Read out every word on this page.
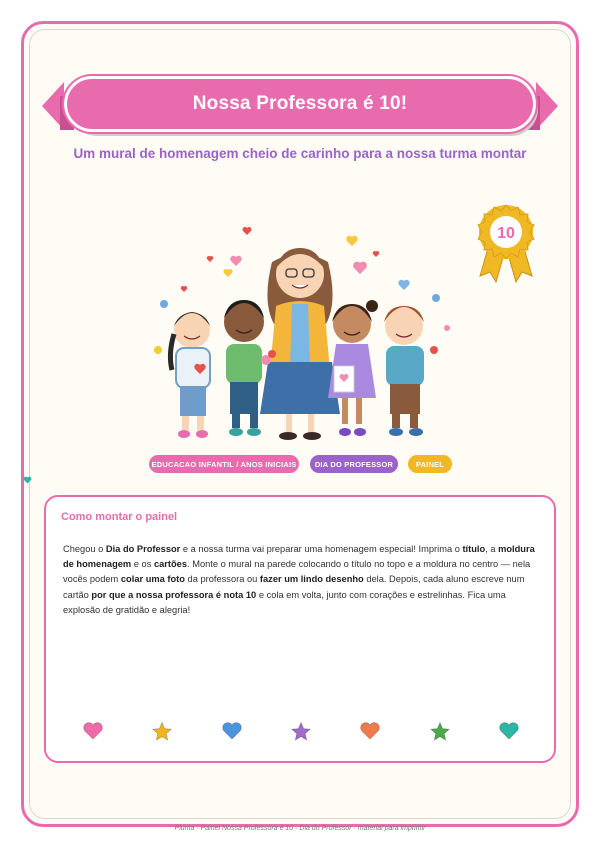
Nossa Professora é 10!
Um mural de homenagem cheio de carinho para a nossa turma montar
10
EDUCACAO INFANTIL / ANOS INICIAIS	DIA DO PROFESSOR	PAINEL
Como montar o painel

Chegou o Dia do Professor e a nossa turma vai preparar uma homenagem especial! Imprima o título, a moldura de homenagem e os cartões. Monte o mural na parede colocando o título no topo e a moldura no centro — nela vocês podem colar uma foto da professora ou fazer um lindo desenho dela. Depois, cada aluno escreve num cartão por que a nossa professora é nota 10 e cola em volta, junto com corações e estrelinhas. Fica uma explosão de gratidão e alegria!

Pluma · Painel Nossa Professora é 10 · Dia do Professor · material para imprimir
